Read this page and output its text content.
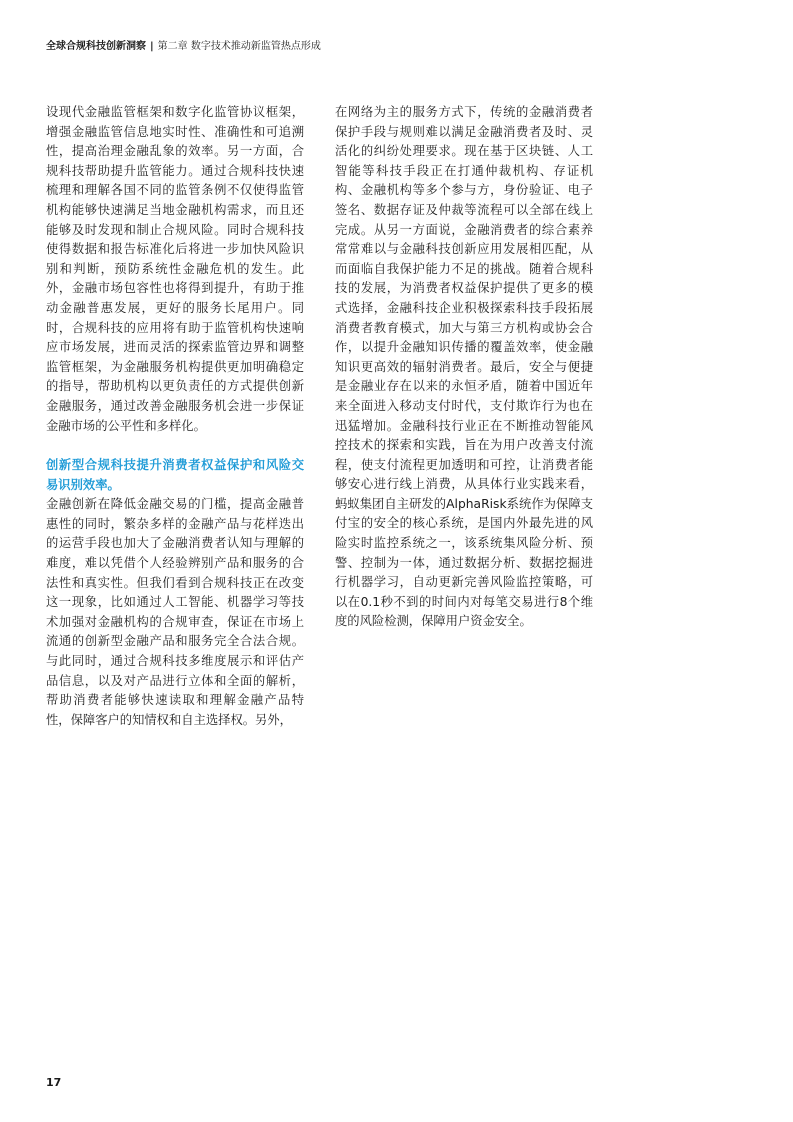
全球合规科技创新洞察 | 第二章 数字技术推动新监管热点形成

设现代金融监管框架和数字化监管协议框架，增强金融监管信息地实时性、准确性和可追溯性，提高治理金融乱象的效率。另一方面，合规科技帮助提升监管能力。通过合规科技快速梳理和理解各国不同的监管条例不仅使得监管机构能够快速满足当地金融机构需求，而且还能够及时发现和制止合规风险。同时合规科技使得数据和报告标准化后将进一步加快风险识别和判断，预防系统性金融危机的发生。此外，金融市场包容性也将得到提升，有助于推动金融普惠发展，更好的服务长尾用户。同时，合规科技的应用将有助于监管机构快速响应市场发展，进而灵活的探索监管边界和调整监管框架，为金融服务机构提供更加明确稳定的指导，帮助机构以更负责任的方式提供创新金融服务，通过改善金融服务机会进一步保证金融市场的公平性和多样化。

创新型合规科技提升消费者权益保护和风险交易识别效率。

金融创新在降低金融交易的门槛，提高金融普惠性的同时，繁杂多样的金融产品与花样迭出的运营手段也加大了金融消费者认知与理解的难度，难以凭借个人经验辨别产品和服务的合法性和真实性。但我们看到合规科技正在改变这一现象，比如通过人工智能、机器学习等技术加强对金融机构的合规审查，保证在市场上流通的创新型金融产品和服务完全合法合规。与此同时，通过合规科技多维度展示和评估产品信息，以及对产品进行立体和全面的解析，帮助消费者能够快速读取和理解金融产品特性，保障客户的知情权和自主选择权。另外，

在网络为主的服务方式下，传统的金融消费者保护手段与规则难以满足金融消费者及时、灵活化的纠纷处理要求。现在基于区块链、人工智能等科技手段正在打通仲裁机构、存证机构、金融机构等多个参与方，身份验证、电子签名、数据存证及仲裁等流程可以全部在线上完成。从另一方面说，金融消费者的综合素养常常难以与金融科技创新应用发展相匹配，从而面临自我保护能力不足的挑战。随着合规科技的发展，为消费者权益保护提供了更多的模式选择，金融科技企业积极探索科技手段拓展消费者教育模式，加大与第三方机构或协会合作，以提升金融知识传播的覆盖效率，使金融知识更高效的辐射消费者。最后，安全与便捷是金融业存在以来的永恒矛盾，随着中国近年来全面进入移动支付时代，支付欺诈行为也在迅猛增加。金融科技行业正在不断推动智能风控技术的探索和实践，旨在为用户改善支付流程，使支付流程更加透明和可控，让消费者能够安心进行线上消费，从具体行业实践来看，蚂蚁集团自主研发的AlphaRisk系统作为保障支付宝的安全的核心系统，是国内外最先进的风险实时监控系统之一，该系统集风险分析、预警、控制为一体，通过数据分析、数据挖掘进行机器学习，自动更新完善风险监控策略，可以在0.1秒不到的时间内对每笔交易进行8个维度的风险检测，保障用户资金安全。

17
